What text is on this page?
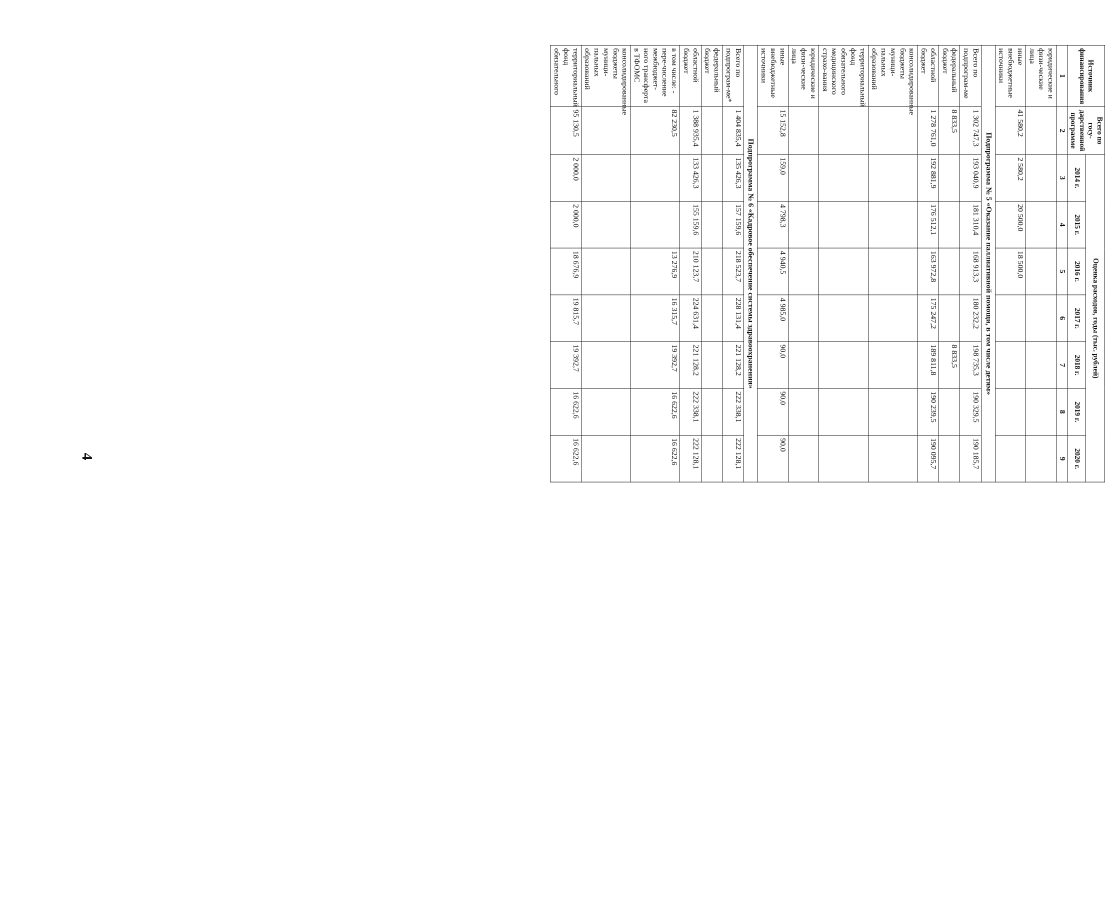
4
Источник финансирования	Всего по госу-дарственной программе	Оценка расходов, годы (тыс. рублей)						
		2014 г.	2015 г.	2016 г.	2017 г.	2018 г.	2019 г.	2020 г.
1	2	3	4	5	6	7	8	9
юридические и физи-ческие лица								
иные внебюджетные источники	41 580,2	2 580,2	20 500,0	18 500,0				
Подпрограмма № 5 «Оказание паллиативной помощи, в том числе детям»								
Всего по подпрограм-ме	1 302 747,3	193 040,9	181 310,4	168 913,3	180 232,2	198 735,3	190 329,5	190 185,7
федеральный бюджет	8 833,5					8 833,5		
областной бюджет	1 278 761,0	192 881,9	176 512,1	163 972,8	175 247,2	189 811,8	190 239,5	190 095,7
консолидированные бюджеты муници-пальных образований								
территориальный фонд обязательного медицинского страхо-вания								
юридические и физи-ческие лица								
иные внебюджетные источники	15 152,8	159,0	4 798,3	4 940,5	4 985,0	90,0	90,0	90,0
Подпрограмма № 6 «Кадровое обеспечение системы здравоохранения»								
Всего по подпрограм-ме*	1 404 835,4	135 426,3	157 159,6	218 523,7	228 131,4	221 128,2	222 338,1	222 128,1
федеральный бюджет								
областной бюджет	1 388 935,4	133 426,3	155 159,6	210 123,7	224 631,4	221 128,2	222 338,1	222 128,1
в том числе: - пере-числение межбюджет-ного трансферта в ТФОМС	82 230,5			13 276,9	16 315,7	19 392,7	16 622,6	16 622,6
консолидированные бюджеты муници-пальных образований								
территориальный фонд обязательного	95 130,5	2 000,0	2 000,0	18 676,9	19 815,7	19 392,7	16 622,6	16 622,6
